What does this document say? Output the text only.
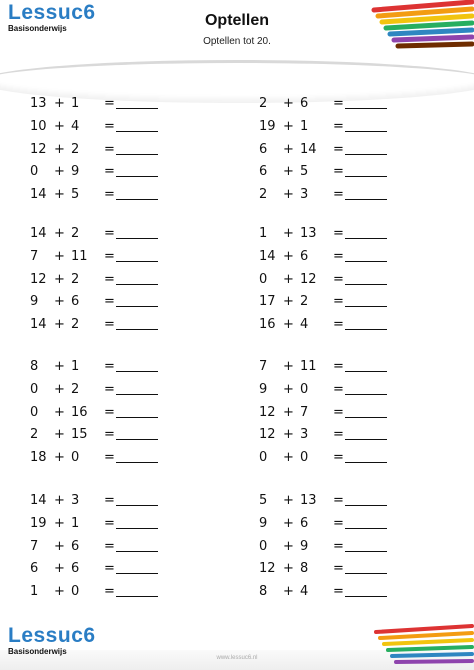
Lessuc6
Basisonderwijs	Optellen
Optellen tot 20.
13 + 1	=
10 + 4	=
12 + 2	=
0	+ 9	=
14 + 5	=
2	+ 6	=
19 + 1	=
6	+ 14	=
6	+ 5	=
2	+ 3	=
14 + 2	=
7	+ 11	=
12 + 2	=
9	+ 6	=
14 + 2	=
1	+ 13	=
14 + 6	=
0	+ 12	=
17 + 2	=
16 + 4	=
8	+ 1	=
0	+ 2	=
0	+ 16	=
2	+ 15	=
18 + 0	=
7	+ 11	=
9	+ 0	=
12 + 7	=
12 + 3	=
0	+ 0	=
14 + 3	=
19 + 1	=
7	+ 6	=
6	+ 6	=
1	+ 0	=
5	+ 13	=
9	+ 6	=
0	+ 9	=
12 + 8	=
8	+ 4	=
Lessuc6
Basisonderwijs
www.lessuc6.nl
